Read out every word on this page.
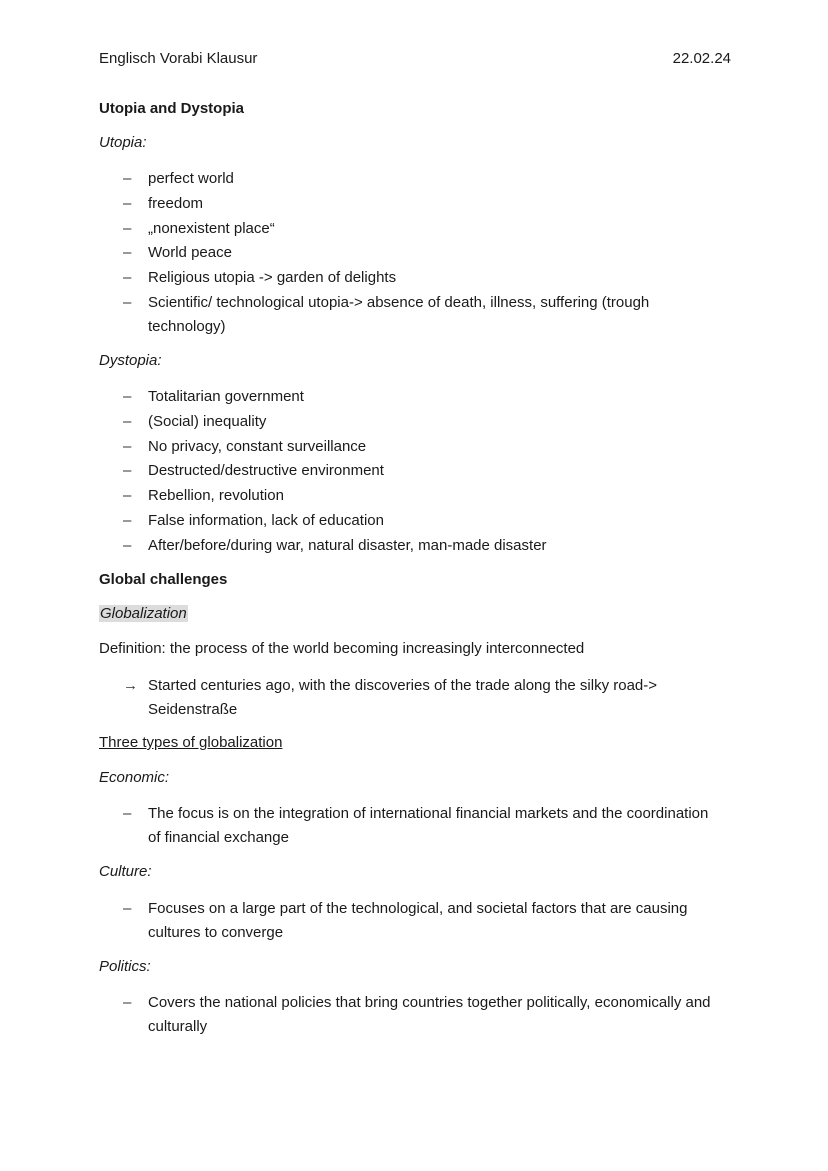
Englisch Vorabi Klausur	22.02.24
Utopia and Dystopia
Utopia:
–	perfect world
–	freedom
–	„nonexistent place“
–	World peace
–	Religious utopia -> garden of delights
–	Scientific/ technological utopia-> absence of death, illness, suffering (trough technology)
Dystopia:
–	Totalitarian government
–	(Social) inequality
–	No privacy, constant surveillance
–	Destructed/destructive environment
–	Rebellion, revolution
–	False information, lack of education
–	After/before/during war, natural disaster, man-made disaster
Global challenges
Globalization
Definition: the process of the world becoming increasingly interconnected
→ Started centuries ago, with the discoveries of the trade along the silky road-> Seidenstraße
Three types of globalization
Economic:
–	The focus is on the integration of international financial markets and the coordination of financial exchange
Culture:
–	Focuses on a large part of the technological, and societal factors that are causing cultures to converge
Politics:
–	Covers the national policies that bring countries together politically, economically and culturally
